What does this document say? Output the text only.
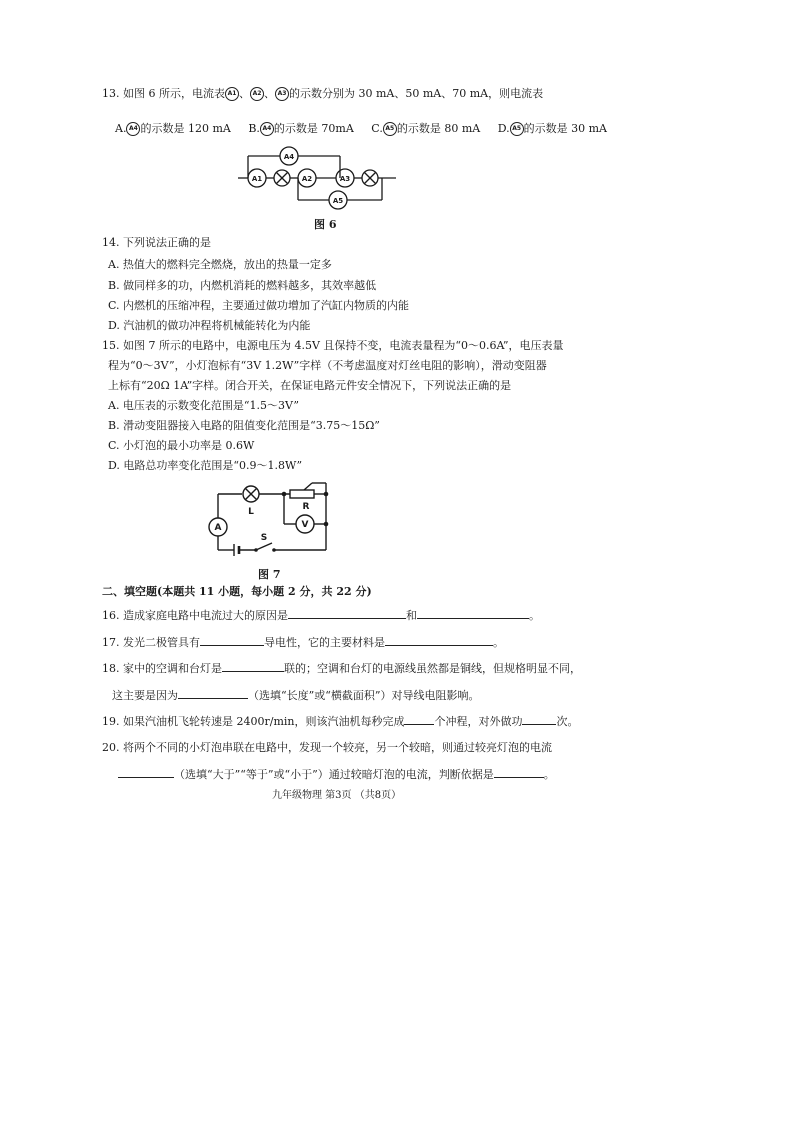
13. 如图 6 所示，电流表 A1 、 A2 、 A3 的示数分别为 30 mA、50 mA、70 mA，则电流表
A. A4 的示数是 120 mA B. A4 的示数是 70mA C. A5 的示数是 80 mA D. A5 的示数是 30 mA
A1	A2	A3
A4
A5
图 6
14. 下列说法正确的是
A. 热值大的燃料完全燃烧，放出的热量一定多
B. 做同样多的功，内燃机消耗的燃料越多，其效率越低
C. 内燃机的压缩冲程，主要通过做功增加了汽缸内物质的内能
D. 汽油机的做功冲程将机械能转化为内能
15. 如图 7 所示的电路中，电源电压为 4.5V 且保持不变，电流表量程为“0～0.6A”，电压表量
程为“0～3V”，小灯泡标有“3V 1.2W”字样（不考虑温度对灯丝电阻的影响），滑动变阻器
上标有“20Ω 1A”字样。闭合开关，在保证电路元件安全情况下，下列说法正确的是
A. 电压表的示数变化范围是“1.5～3V”
B. 滑动变阻器接入电路的阻值变化范围是“3.75～15Ω”
C. 小灯泡的最小功率是 0.6W
D. 电路总功率变化范围是“0.9～1.8W”
A	V
L	R
S
图 7
二、填空题(本题共 11 小题，每小题 2 分，共 22 分)
16. 造成家庭电路中电流过大的原因是	和	。
17. 发光二极管具有	导电性，它的主要材料是	。
18. 家中的空调和台灯是	联的；空调和台灯的电源线虽然都是铜线，但规格明显不同，
这主要是因为	（选填“长度”或“横截面积”）对导线电阻影响。
19. 如果汽油机飞轮转速是 2400r/min，则该汽油机每秒完成	个冲程，对外做功	次。
20. 将两个不同的小灯泡串联在电路中，发现一个较亮，另一个较暗，则通过较亮灯泡的电流
（选填“大于”“等于”或“小于”）通过较暗灯泡的电流，判断依据是	。
九年级物理 第3页 （共8页）
